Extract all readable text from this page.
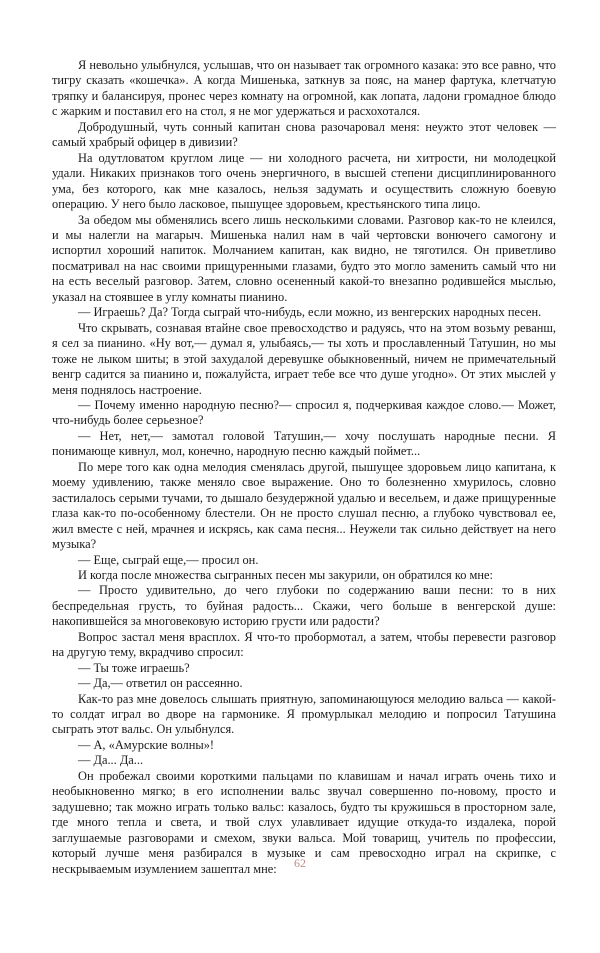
Я невольно улыбнулся, услышав, что он называет так огромного казака: это все равно, что тигру сказать «кошечка». А когда Мишенька, заткнув за пояс, на манер фартука, клетчатую тряпку и балансируя, пронес через комнату на огромной, как лопата, ладони громадное блюдо с жарким и поставил его на стол, я не мог удержаться и расхохотался.

Добродушный, чуть сонный капитан снова разочаровал меня: неужто этот человек — самый храбрый офицер в дивизии?

На одутловатом круглом лице — ни холодного расчета, ни хитрости, ни молодецкой удали. Никаких признаков того очень энергичного, в высшей степени дисциплинированного ума, без которого, как мне казалось, нельзя задумать и осуществить сложную боевую операцию. У него было ласковое, пышущее здоровьем, крестьянского типа лицо.

За обедом мы обменялись всего лишь несколькими словами. Разговор как-то не клеился, и мы налегли на магарыч. Мишенька налил нам в чай чертовски вонючего самогону и испортил хороший напиток. Молчанием капитан, как видно, не тяготился. Он приветливо посматривал на нас своими прищуренными глазами, будто это могло заменить самый что ни на есть веселый разговор. Затем, словно осененный какой-то внезапно родившейся мыслью, указал на стоявшее в углу комнаты пианино.

— Играешь? Да? Тогда сыграй что-нибудь, если можно, из венгерских народных песен.

Что скрывать, сознавая втайне свое превосходство и радуясь, что на этом возьму реванш, я сел за пианино. «Ну вот,— думал я, улыбаясь,— ты хоть и прославленный Татушин, но мы тоже не лыком шиты; в этой захудалой деревушке обыкновенный, ничем не примечательный венгр садится за пианино и, пожалуйста, играет тебе все что душе угодно». От этих мыслей у меня поднялось настроение.

— Почему именно народную песню?— спросил я, подчеркивая каждое слово.— Может, что-нибудь более серьезное?

— Нет, нет,— замотал головой Татушин,— хочу послушать народные песни. Я понимающе кивнул, мол, конечно, народную песню каждый поймет...

По мере того как одна мелодия сменялась другой, пышущее здоровьем лицо капитана, к моему удивлению, также меняло свое выражение. Оно то болезненно хмурилось, словно застилалось серыми тучами, то дышало безудержной удалью и весельем, и даже прищуренные глаза как-то по-особенному блестели. Он не просто слушал песню, а глубоко чувствовал ее, жил вместе с ней, мрачнея и искрясь, как сама песня... Неужели так сильно действует на него музыка?

— Еще, сыграй еще,— просил он.

И когда после множества сыгранных песен мы закурили, он обратился ко мне:

— Просто удивительно, до чего глубоки по содержанию ваши песни: то в них беспредельная грусть, то буйная радость... Скажи, чего больше в венгерской душе: накопившейся за многовековую историю грусти или радости?

Вопрос застал меня врасплох. Я что-то пробормотал, а затем, чтобы перевести разговор на другую тему, вкрадчиво спросил:

— Ты тоже играешь?

— Да,— ответил он рассеянно.

Как-то раз мне довелось слышать приятную, запоминающуюся мелодию вальса — какой-то солдат играл во дворе на гармонике. Я промурлыкал мелодию и попросил Татушина сыграть этот вальс. Он улыбнулся.

— А, «Амурские волны»!

— Да... Да...

Он пробежал своими короткими пальцами по клавишам и начал играть очень тихо и необыкновенно мягко; в его исполнении вальс звучал совершенно по-новому, просто и задушевно; так можно играть только вальс: казалось, будто ты кружишься в просторном зале, где много тепла и света, и твой слух улавливает идущие откуда-то издалека, порой заглушаемые разговорами и смехом, звуки вальса. Мой товарищ, учитель по профессии, который лучше меня разбирался в музыке и сам превосходно играл на скрипке, с нескрываемым изумлением зашептал мне:	62
